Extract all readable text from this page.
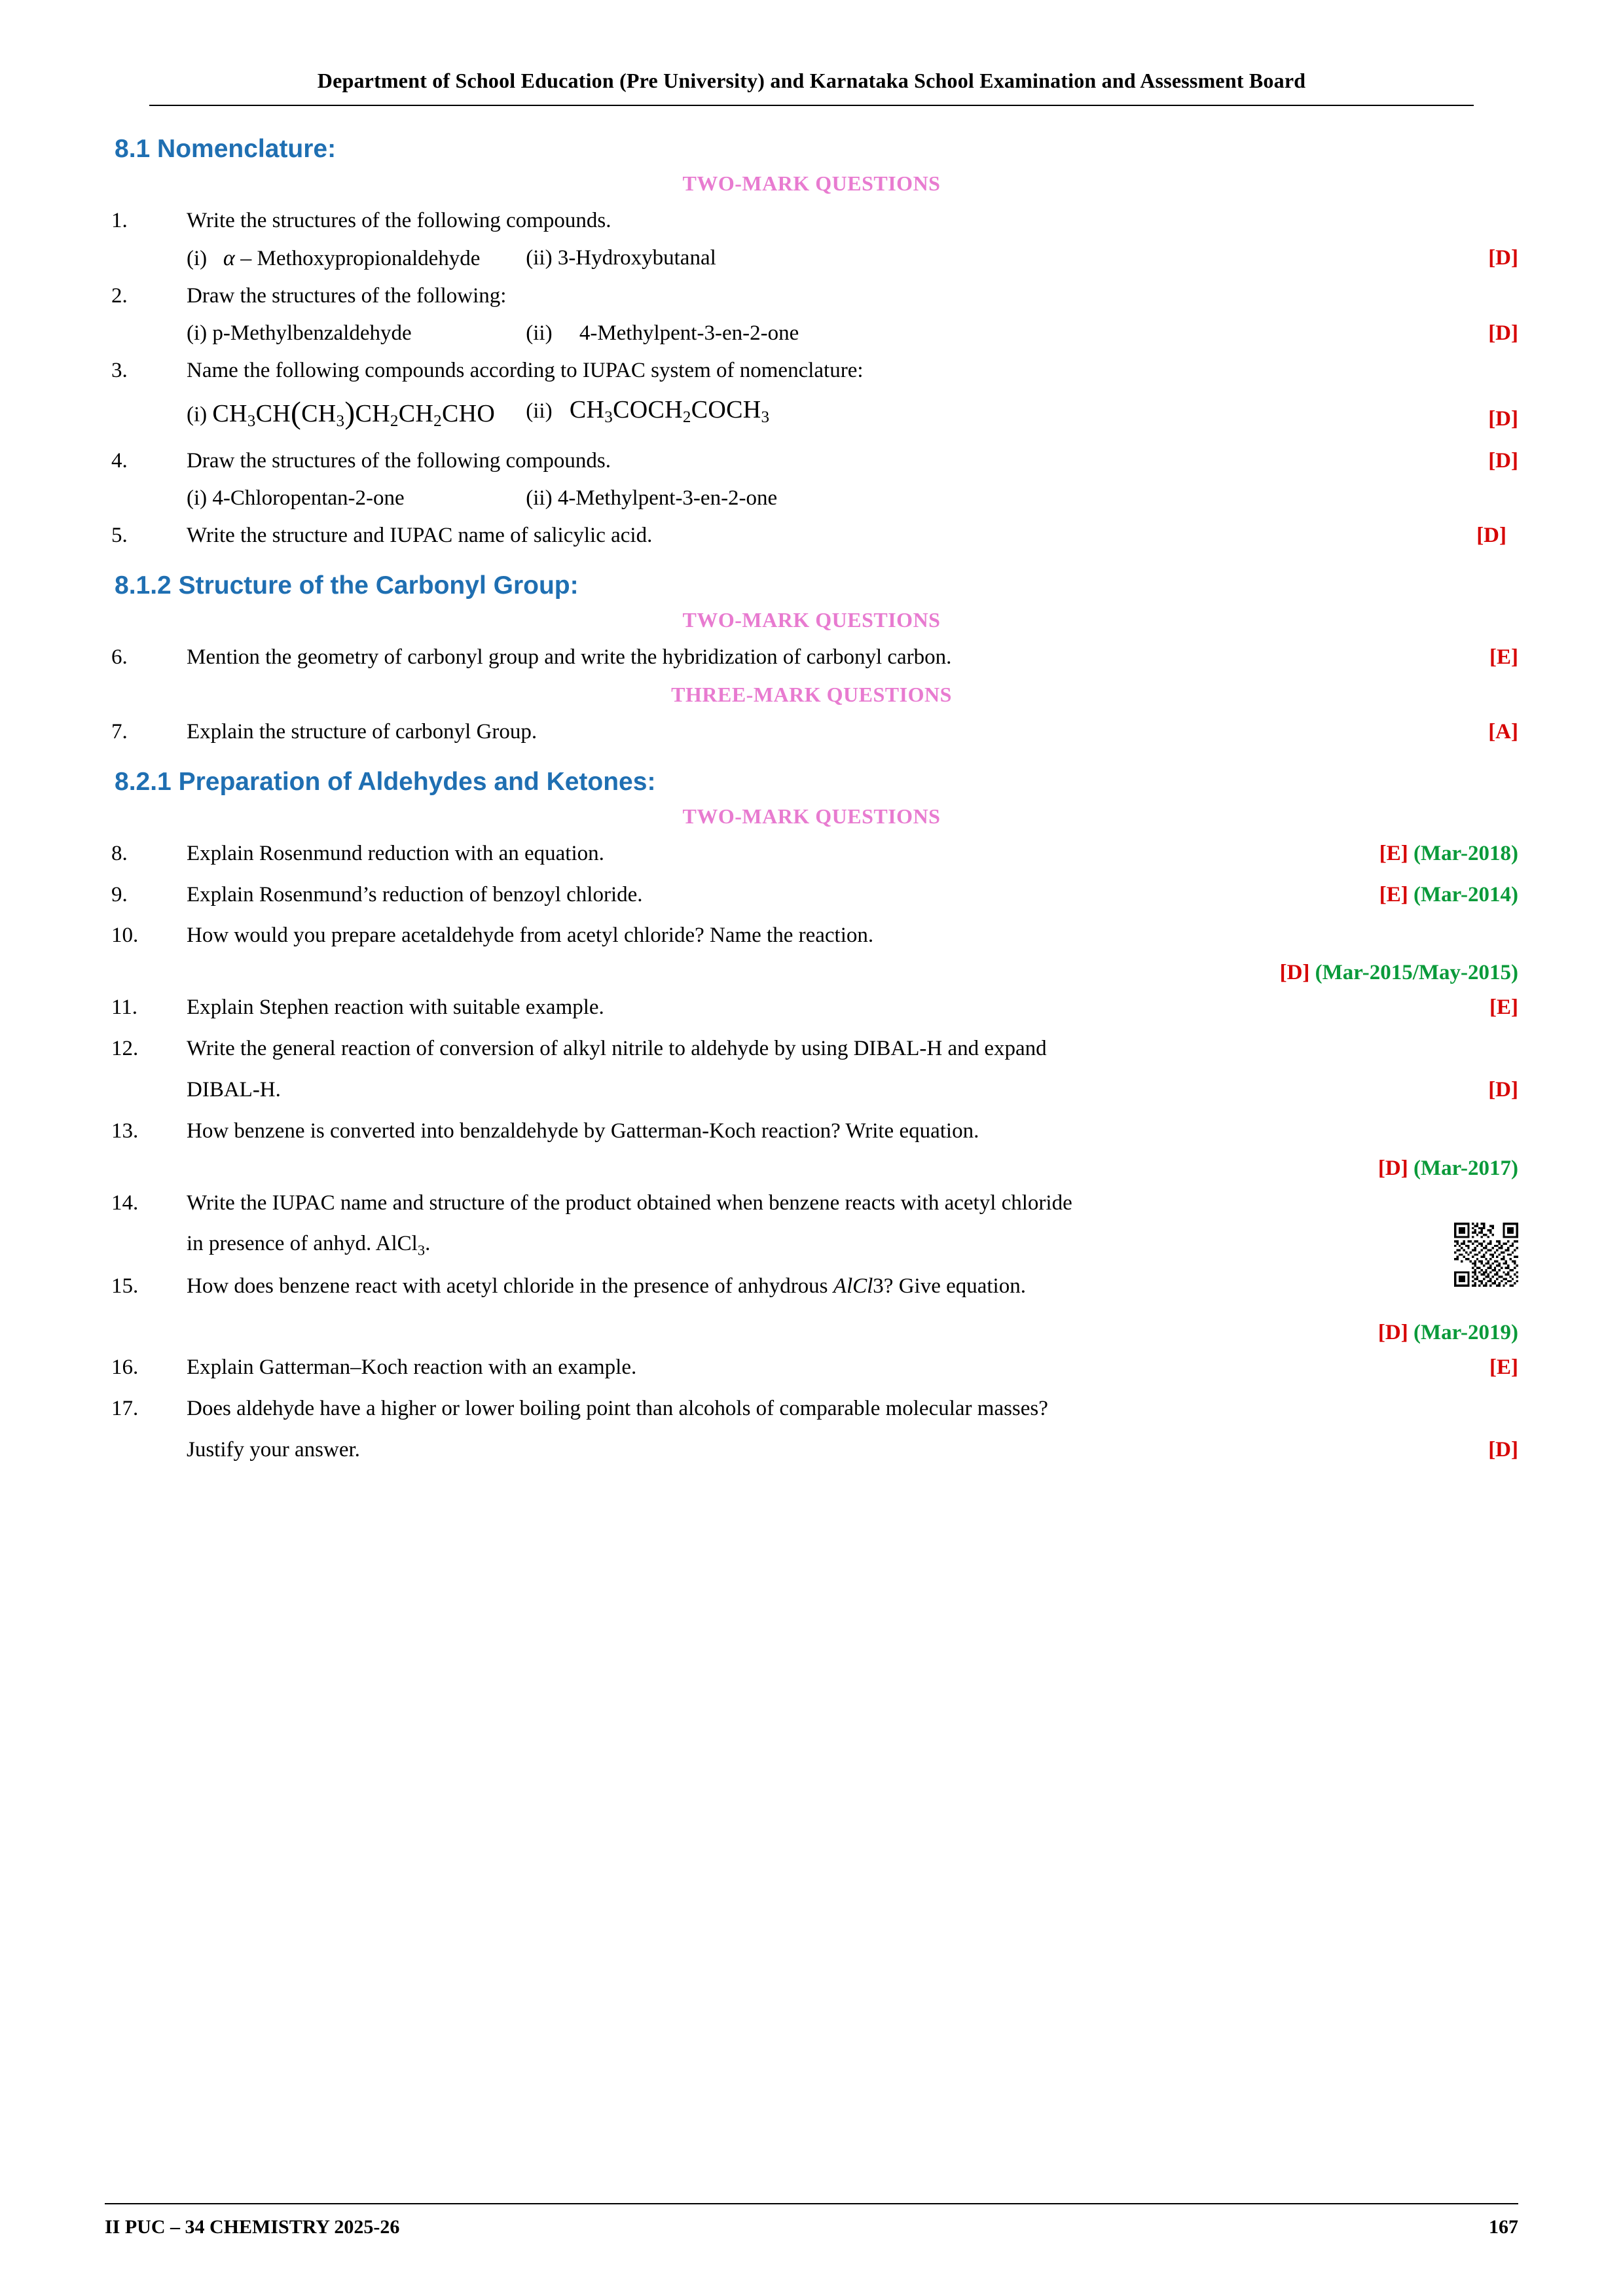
Department of School Education (Pre University) and Karnataka School Examination and Assessment Board
8.1 Nomenclature:
TWO-MARK QUESTIONS
1.	Write the structures of the following compounds.
(i) α – Methoxypropionaldehyde (ii) 3-Hydroxybutanal	[D]
2.	Draw the structures of the following:
(i) p-Methylbenzaldehyde	(ii) 4-Methylpent-3-en-2-one	[D]
3.	Name the following compounds according to IUPAC system of nomenclature:
(i) $CH_3CH(CH_3)CH_2CH_2CHO$ (ii)   $CH_3COCH_2COCH_3$	[D]
4.	Draw the structures of the following compounds.	[D]
(i) 4-Chloropentan-2-one	(ii) 4-Methylpent-3-en-2-one
5.	Write the structure and IUPAC name of salicylic acid.	[D]
8.1.2 Structure of the Carbonyl Group:
TWO-MARK QUESTIONS
6.	Mention the geometry of carbonyl group and write the hybridization of carbonyl carbon.	[E]
THREE-MARK QUESTIONS
7.	Explain the structure of carbonyl Group.	[A]
8.2.1 Preparation of Aldehydes and Ketones:
TWO-MARK QUESTIONS
8.	Explain Rosenmund reduction with an equation.	[E] (Mar-2018)
9.	Explain Rosenmund’s reduction of benzoyl chloride.	[E] (Mar-2014)
10.	How would you prepare acetaldehyde from acetyl chloride? Name the reaction.
[D] (Mar-2015/May-2015)
11.	Explain Stephen reaction with suitable example.	[E]
12.	Write the general reaction of conversion of alkyl nitrile to aldehyde by using DIBAL-H and expand
DIBAL-H.	[D]
13.	How benzene is converted into benzaldehyde by Gatterman-Koch reaction? Write equation.
[D] (Mar-2017)
14.	Write the IUPAC name and structure of the product obtained when benzene reacts with acetyl chloride
in presence of anhyd. AlCl$_3$.
15.	How does benzene react with acetyl chloride in the presence of anhydrous AlCl3? Give equation.
[D] (Mar-2019)
16.	Explain Gatterman–Koch reaction with an example.	[E]
17.	Does aldehyde have a higher or lower boiling point than alcohols of comparable molecular masses?
Justify your answer.	[D]
II PUC – 34 CHEMISTRY 2025-26	167
